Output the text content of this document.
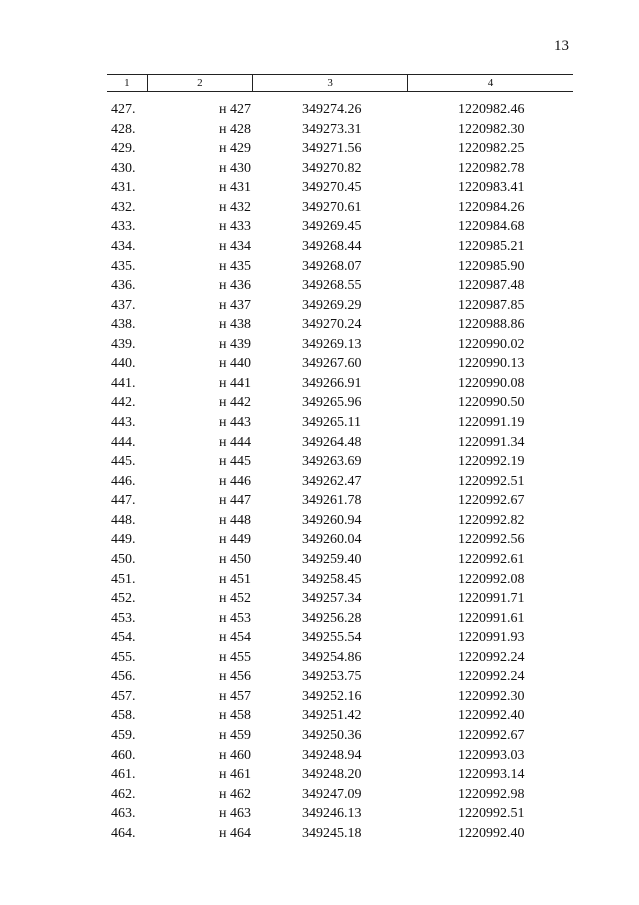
13
1	2	3	4
427.	н 427	349274.26	1220982.46
428.	н 428	349273.31	1220982.30
429.	н 429	349271.56	1220982.25
430.	н 430	349270.82	1220982.78
431.	н 431	349270.45	1220983.41
432.	н 432	349270.61	1220984.26
433.	н 433	349269.45	1220984.68
434.	н 434	349268.44	1220985.21
435.	н 435	349268.07	1220985.90
436.	н 436	349268.55	1220987.48
437.	н 437	349269.29	1220987.85
438.	н 438	349270.24	1220988.86
439.	н 439	349269.13	1220990.02
440.	н 440	349267.60	1220990.13
441.	н 441	349266.91	1220990.08
442.	н 442	349265.96	1220990.50
443.	н 443	349265.11	1220991.19
444.	н 444	349264.48	1220991.34
445.	н 445	349263.69	1220992.19
446.	н 446	349262.47	1220992.51
447.	н 447	349261.78	1220992.67
448.	н 448	349260.94	1220992.82
449.	н 449	349260.04	1220992.56
450.	н 450	349259.40	1220992.61
451.	н 451	349258.45	1220992.08
452.	н 452	349257.34	1220991.71
453.	н 453	349256.28	1220991.61
454.	н 454	349255.54	1220991.93
455.	н 455	349254.86	1220992.24
456.	н 456	349253.75	1220992.24
457.	н 457	349252.16	1220992.30
458.	н 458	349251.42	1220992.40
459.	н 459	349250.36	1220992.67
460.	н 460	349248.94	1220993.03
461.	н 461	349248.20	1220993.14
462.	н 462	349247.09	1220992.98
463.	н 463	349246.13	1220992.51
464.	н 464	349245.18	1220992.40
